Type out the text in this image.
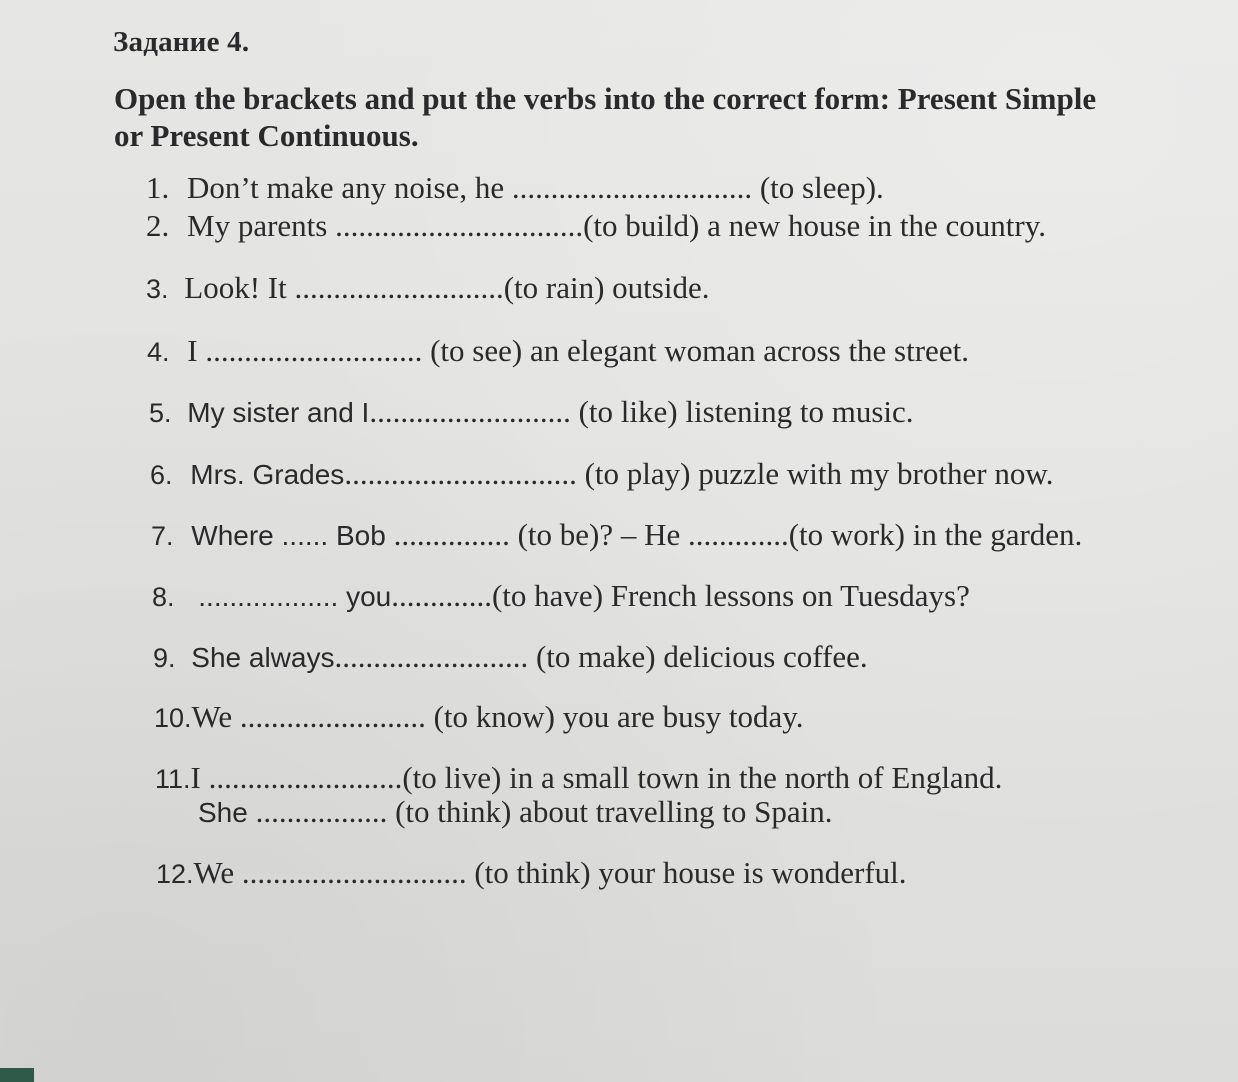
Задание 4.
Open the brackets and put the verbs into the correct form: Present Simple or Present Continuous.
1. Don’t make any noise, he ............................... (to sleep).
2. My parents ................................(to build) a new house in the country.
3. Look! It ...........................(to rain) outside.
4. I ............................ (to see) an elegant woman across the street.
5. My sister and I.......................... (to like) listening to music.
6. Mrs. Grades.............................. (to play) puzzle with my brother now.
7. Where ...... Bob ............... (to be)? – He .............(to work) in the garden.
8. .................. you.............(to have) French lessons on Tuesdays?
9. She always......................... (to make) delicious coffee.
10.We ........................ (to know) you are busy today.
11.I .........................(to live) in a small town in the north of England.
She ................. (to think) about travelling to Spain.
12.We ............................. (to think) your house is wonderful.
